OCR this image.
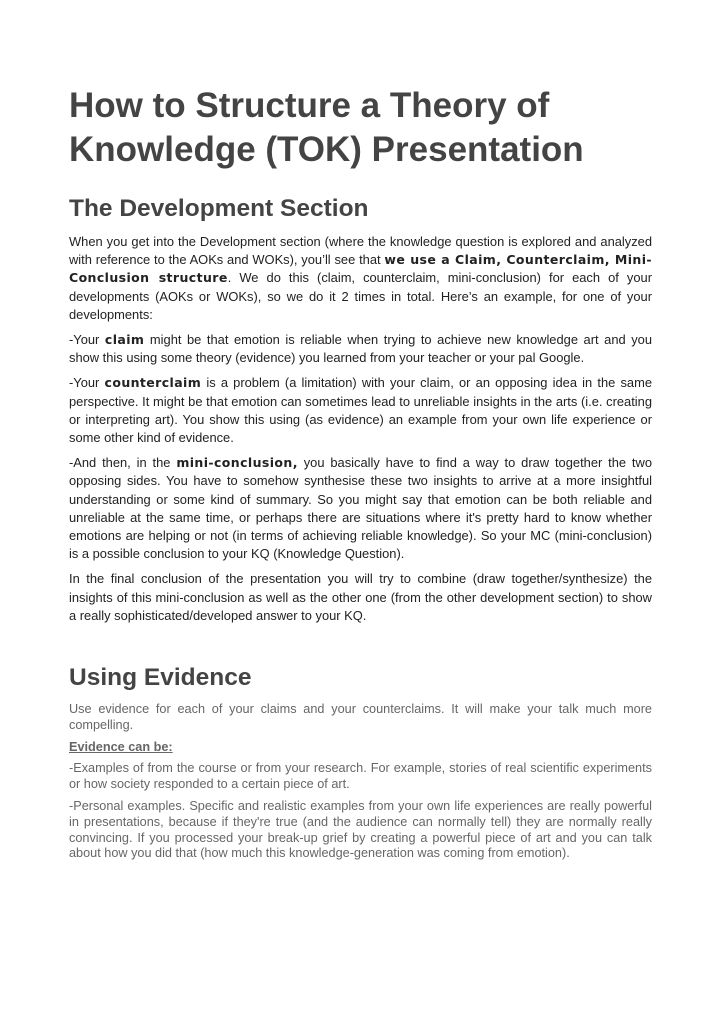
How to Structure a Theory of Knowledge (TOK) Presentation
The Development Section

When you get into the Development section (where the knowledge question is explored and analyzed with reference to the AOKs and WOKs), you’ll see that we use a Claim, Counterclaim, Mini-Conclusion structure. We do this (claim, counterclaim, mini-conclusion) for each of your developments (AOKs or WOKs), so we do it 2 times in total. Here’s an example, for one of your developments:

-Your claim might be that emotion is reliable when trying to achieve new knowledge art and you show this using some theory (evidence) you learned from your teacher or your pal Google.

-Your counterclaim is a problem (a limitation) with your claim, or an opposing idea in the same perspective. It might be that emotion can sometimes lead to unreliable insights in the arts (i.e. creating or interpreting art). You show this using (as evidence) an example from your own life experience or some other kind of evidence.

-And then, in the mini-conclusion, you basically have to find a way to draw together the two opposing sides. You have to somehow synthesise these two insights to arrive at a more insightful understanding or some kind of summary. So you might say that emotion can be both reliable and unreliable at the same time, or perhaps there are situations where it's pretty hard to know whether emotions are helping or not (in terms of achieving reliable knowledge). So your MC (mini-conclusion) is a possible conclusion to your KQ (Knowledge Question).

In the final conclusion of the presentation you will try to combine (draw together/synthesize) the insights of this mini-conclusion as well as the other one (from the other development section) to show a really sophisticated/developed answer to your KQ.

Using Evidence

Use evidence for each of your claims and your counterclaims. It will make your talk much more compelling.

Evidence can be:

-Examples of from the course or from your research. For example, stories of real scientific experiments or how society responded to a certain piece of art.

-Personal examples. Specific and realistic examples from your own life experiences are really powerful in presentations, because if they're true (and the audience can normally tell) they are normally really convincing. If you processed your break-up grief by creating a powerful piece of art and you can talk about how you did that (how much this knowledge-generation was coming from emotion).
